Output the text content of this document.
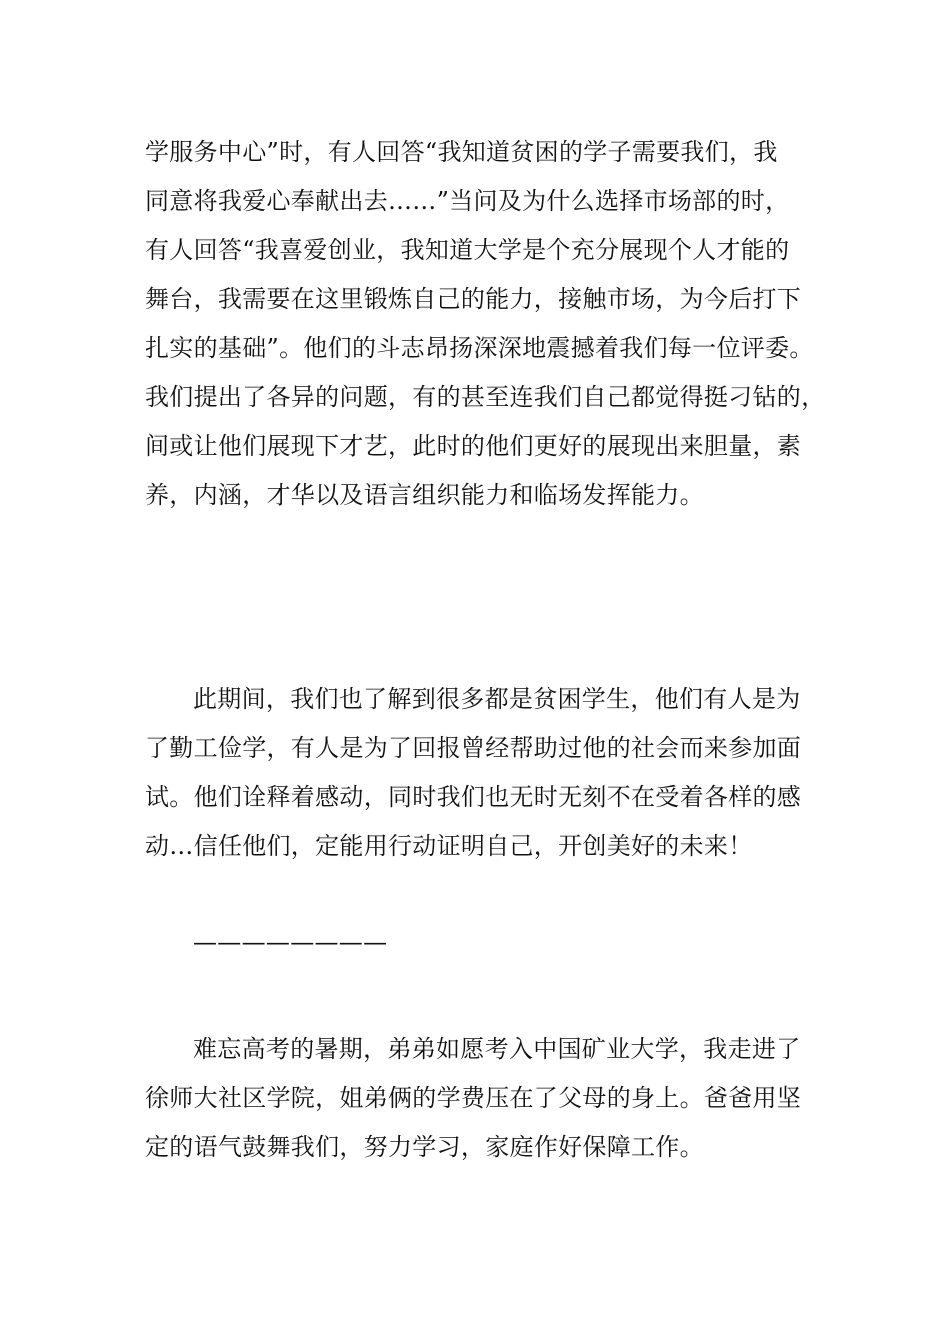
学服务中心”时，有人回答“我知道贫困的学子需要我们，我
同意将我爱心奉献出去……”当问及为什么选择市场部的时，
有人回答“我喜爱创业，我知道大学是个充分展现个人才能的
舞台，我需要在这里锻炼自己的能力，接触市场，为今后打下
扎实的基础”。他们的斗志昂扬深深地震撼着我们每一位评委。
我们提出了各异的问题，有的甚至连我们自己都觉得挺刁钻的，
间或让他们展现下才艺，此时的他们更好的展现出来胆量，素
养，内涵，才华以及语言组织能力和临场发挥能力。
此期间，我们也了解到很多都是贫困学生，他们有人是为
了勤工俭学，有人是为了回报曾经帮助过他的社会而来参加面
试。他们诠释着感动，同时我们也无时无刻不在受着各样的感
动…信任他们，定能用行动证明自己，开创美好的未来！
————————
难忘高考的暑期，弟弟如愿考入中国矿业大学，我走进了
徐师大社区学院，姐弟俩的学费压在了父母的身上。爸爸用坚
定的语气鼓舞我们，努力学习，家庭作好保障工作。
